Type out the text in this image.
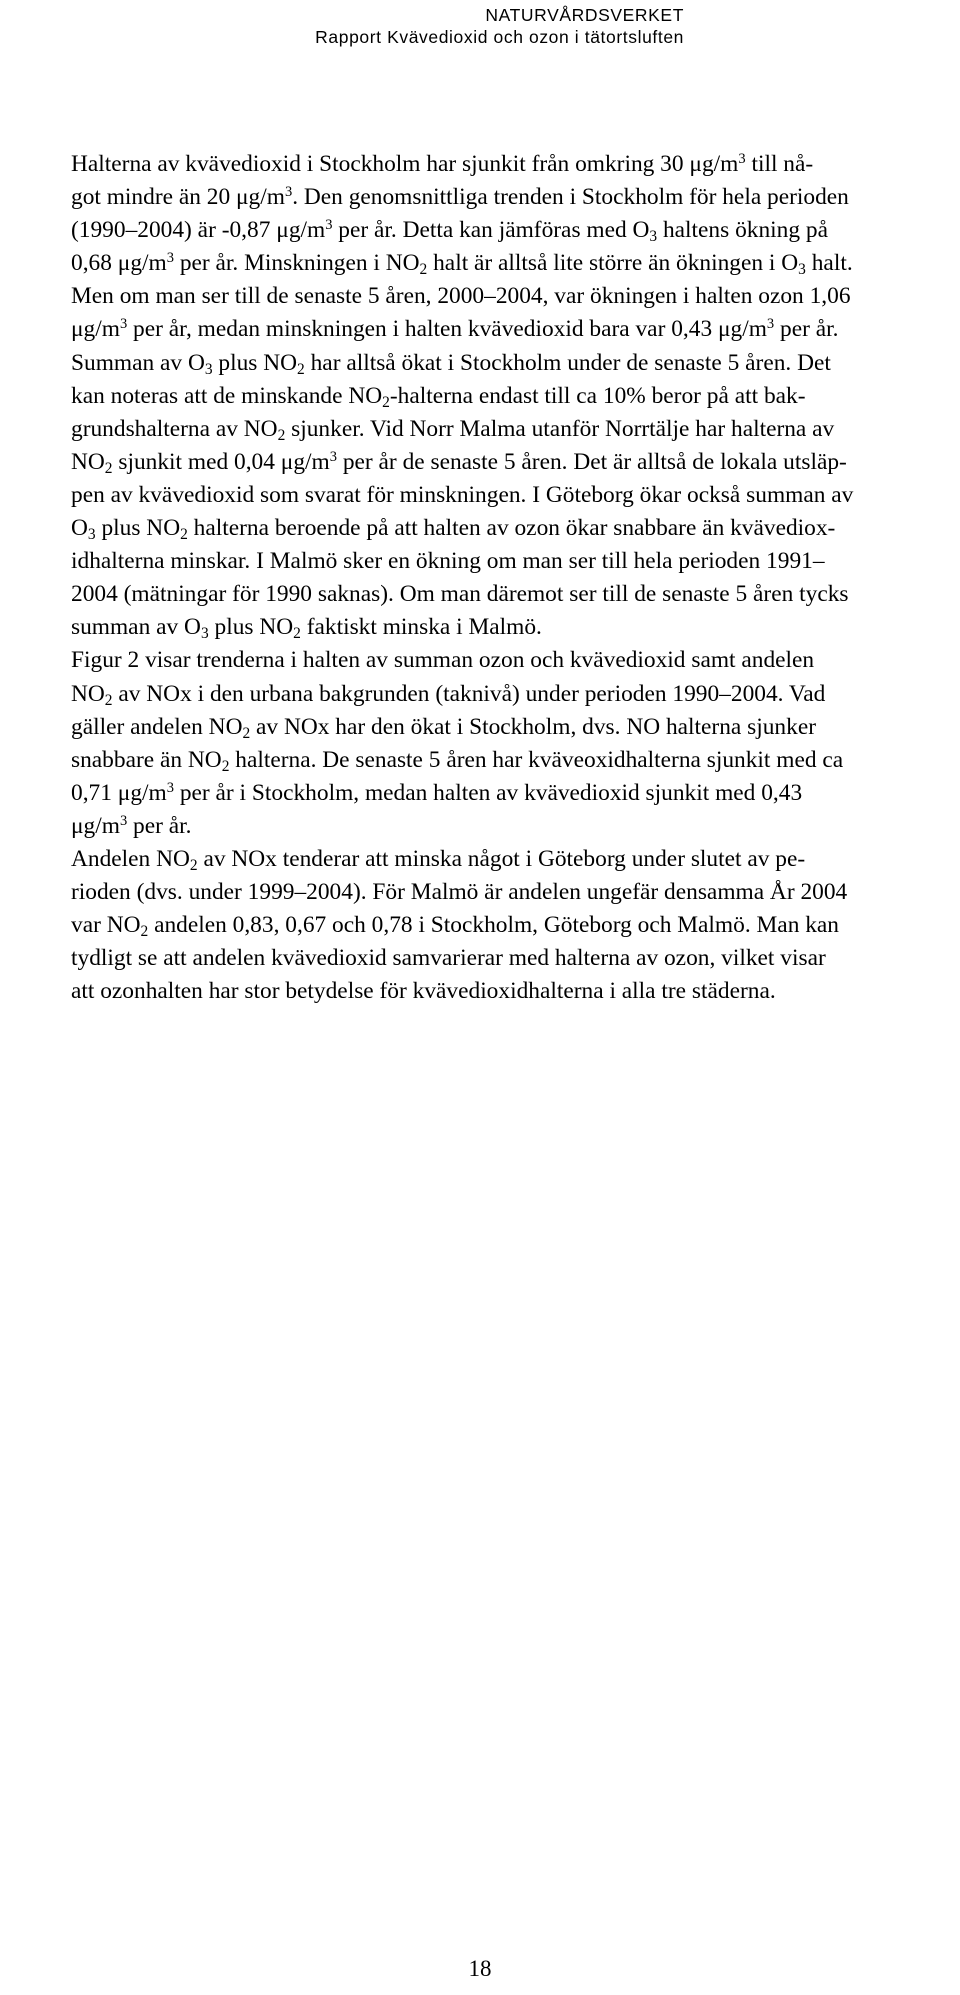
NATURVÅRDSVERKET
Rapport Kvävedioxid och ozon i tätortsluften
Halterna av kvävedioxid i Stockholm har sjunkit från omkring 30 $\mu g/m^3$ till nå-
got mindre än 20 $\mu g/m^3$. Den genomsnittliga trenden i Stockholm för hela perioden
(1990–2004) är -0,87 $\mu g/m^3$ per år. Detta kan jämföras med $O_3$ haltens ökning på
0,68 $\mu g/m^3$ per år. Minskningen i $NO_2$ halt är alltså lite större än ökningen i $O_3$ halt.
Men om man ser till de senaste 5 åren, 2000–2004, var ökningen i halten ozon 1,06
$\mu g/m^3$ per år, medan minskningen i halten kvävedioxid bara var 0,43 $\mu g/m^3$ per år.
Summan av $O_3$ plus $NO_2$ har alltså ökat i Stockholm under de senaste 5 åren. Det
kan noteras att de minskande $NO_2$-halterna endast till ca 10% beror på att bak-
grundshalterna av $NO_2$ sjunker. Vid Norr Malma utanför Norrtälje har halterna av
$NO_2$ sjunkit med 0,04 $\mu g/m^3$ per år de senaste 5 åren. Det är alltså de lokala utsläp-
pen av kvävedioxid som svarat för minskningen. I Göteborg ökar också summan av
$O_3$ plus $NO_2$ halterna beroende på att halten av ozon ökar snabbare än kvävediox-
idhalterna minskar. I Malmö sker en ökning om man ser till hela perioden 1991–
2004 (mätningar för 1990 saknas). Om man däremot ser till de senaste 5 åren tycks
summan av $O_3$ plus $NO_2$ faktiskt minska i Malmö.
Figur 2 visar trenderna i halten av summan ozon och kvävedioxid samt andelen
$NO_2$ av NOx i den urbana bakgrunden (taknivå) under perioden 1990–2004. Vad
gäller andelen $NO_2$ av NOx har den ökat i Stockholm, dvs. NO halterna sjunker
snabbare än $NO_2$ halterna. De senaste 5 åren har kväveoxidhalterna sjunkit med ca
0,71 $\mu g/m^3$ per år i Stockholm, medan halten av kvävedioxid sjunkit med 0,43
$\mu g/m^3$ per år.
Andelen $NO_2$ av NOx tenderar att minska något i Göteborg under slutet av pe-
rioden (dvs. under 1999–2004). För Malmö är andelen ungefär densamma År 2004
var $NO_2$ andelen 0,83, 0,67 och 0,78 i Stockholm, Göteborg och Malmö. Man kan
tydligt se att andelen kvävedioxid samvarierar med halterna av ozon, vilket visar
att ozonhalten har stor betydelse för kvävedioxidhalterna i alla tre städerna.
18
